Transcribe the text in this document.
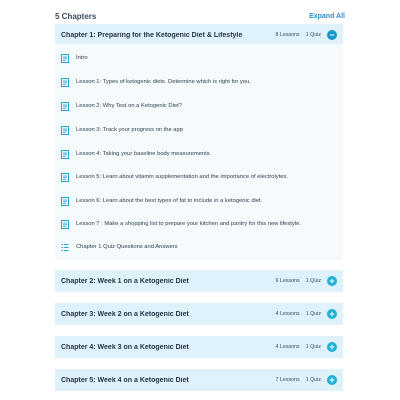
5 Chapters	Expand All
Chapter 1: Preparing for the Ketogenic Diet & Lifestyle	8 Lessons 1 Quiz −
Intro
Lesson 1: Types of ketogenic diets. Determine which is right for you.
Lesson 2: Why Test on a Ketogenic Diet?
Lesson 3: Track your progress on the app
Lesson 4: Taking your baseline body measurements.
Lesson 5: Learn about vitamin supplementation and the importance of electrolytes.
Lesson 6: Learn about the best types of fat to include in a ketogenic diet.
Lesson 7 : Make a shopping list to prepare your kitchen and pantry for this new lifestyle.
Chapter 1 Quiz Questions and Answers
Chapter 2: Week 1 on a Ketogenic Diet	6 Lessons 1 Quiz +
Chapter 3: Week 2 on a Ketogenic Diet	4 Lessons 1 Quiz +
Chapter 4: Week 3 on a Ketogenic Diet	4 Lessons 1 Quiz +
Chapter 5: Week 4 on a Ketogenic Diet	7 Lessons 1 Quiz +
